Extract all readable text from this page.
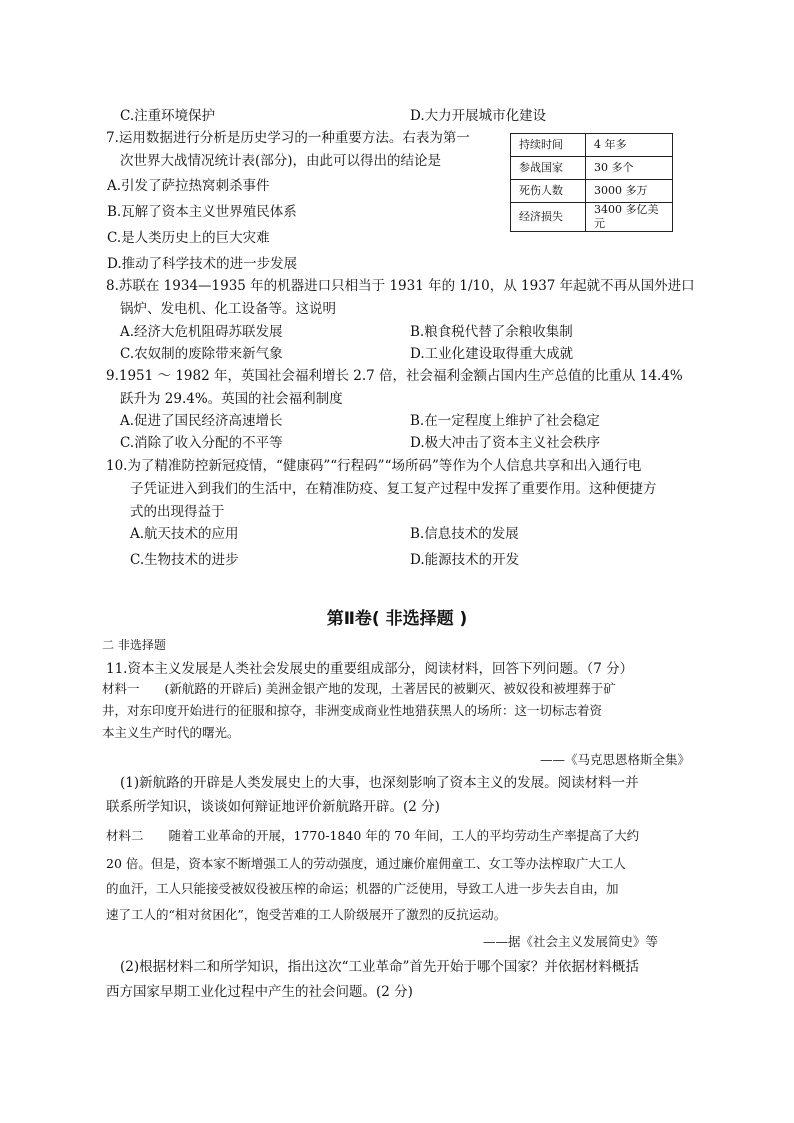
C.注重环境保护	D.大力开展城市化建设
7.运用数据进行分析是历史学习的一种重要方法。右表为第一
次世界大战情况统计表(部分)，由此可以得出的结论是
A.引发了萨拉热窝刺杀事件
B.瓦解了资本主义世界殖民体系
C.是人类历史上的巨大灾难
D.推动了科学技术的进一步发展
持续时间	4 年多
参战国家	30 多个
死伤人数	3000 多万
经济损失	3400 多亿美元
8.苏联在 1934—1935 年的机器进口只相当于 1931 年的 1/10，从 1937 年起就不再从国外进口
锅炉、发电机、化工设备等。这说明
A.经济大危机阻碍苏联发展	B.粮食税代替了余粮收集制
C.农奴制的废除带来新气象	D.工业化建设取得重大成就
9.1951 ～ 1982 年，英国社会福利增长 2.7 倍，社会福利金额占国内生产总值的比重从 14.4%
跃升为 29.4%。英国的社会福利制度
A.促进了国民经济高速增长	B.在一定程度上维护了社会稳定
C.消除了收入分配的不平等	D.极大冲击了资本主义社会秩序
10.为了精准防控新冠疫情，“健康码”“行程码”“场所码”等作为个人信息共享和出入通行电
子凭证进入到我们的生活中，在精准防疫、复工复产过程中发挥了重要作用。这种便捷方
式的出现得益于
A.航天技术的应用	B.信息技术的发展
C.生物技术的进步	D.能源技术的开发
第Ⅱ卷( 非选择题 )
二 非选择题
11.资本主义发展是人类社会发展史的重要组成部分，阅读材料，回答下列问题。（7 分）
材料一　　(新航路的开辟后) 美洲金银产地的发现，土著居民的被剿灭、被奴役和被埋葬于矿
井，对东印度开始进行的征服和掠夺，非洲变成商业性地猎获黑人的场所：这一切标志着资
本主义生产时代的曙光。
——《马克思恩格斯全集》
(1)新航路的开辟是人类发展史上的大事，也深刻影响了资本主义的发展。阅读材料一并
联系所学知识，谈谈如何辩证地评价新航路开辟。(2 分)
材料二　　随着工业革命的开展，1770-1840 年的 70 年间，工人的平均劳动生产率提高了大约
20 倍。但是，资本家不断增强工人的劳动强度，通过廉价雇佣童工、女工等办法榨取广大工人
的血汗，工人只能接受被奴役被压榨的命运；机器的广泛使用，导致工人进一步失去自由，加
速了工人的“相对贫困化”，饱受苦难的工人阶级展开了激烈的反抗运动。
——据《社会主义发展简史》等
(2)根据材料二和所学知识，指出这次“工业革命”首先开始于哪个国家？并依据材料概括
西方国家早期工业化过程中产生的社会问题。(2 分)
